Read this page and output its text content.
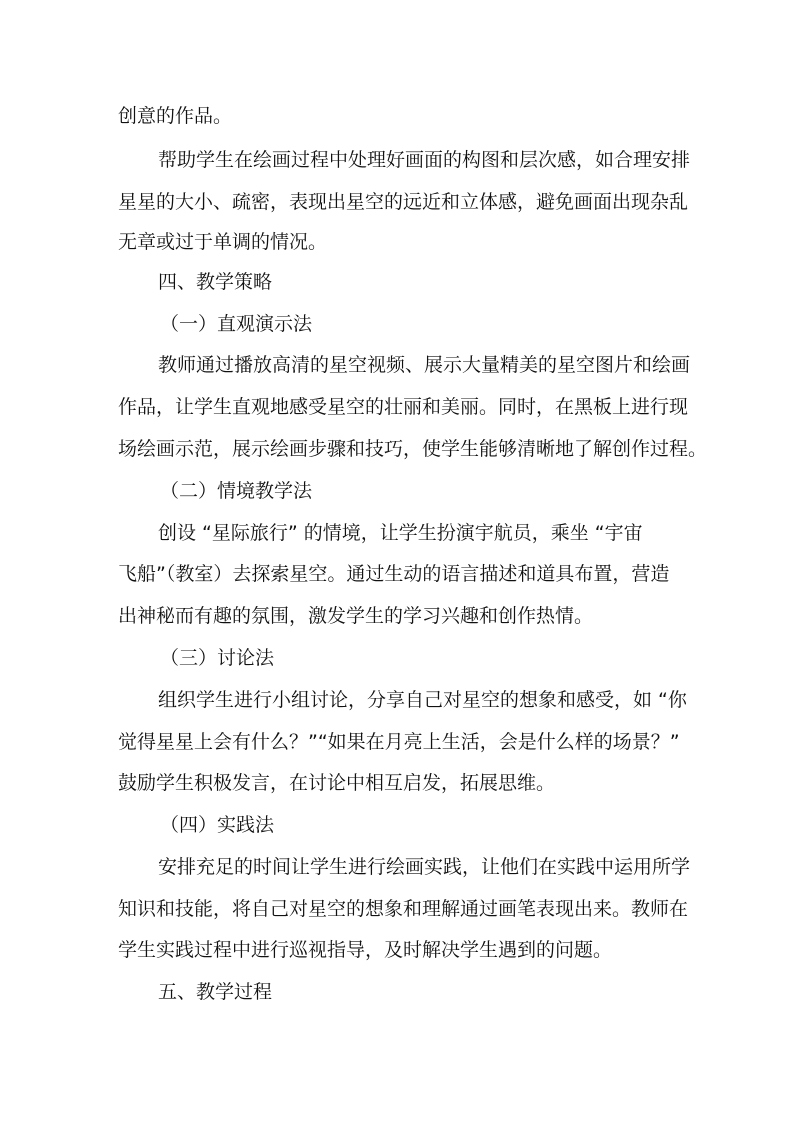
创意的作品。

帮助学生在绘画过程中处理好画面的构图和层次感，如合理安排

星星的大小、疏密，表现出星空的远近和立体感，避免画面出现杂乱

无章或过于单调的情况。

四、教学策略

（一）直观演示法

教师通过播放高清的星空视频、展示大量精美的星空图片和绘画

作品，让学生直观地感受星空的壮丽和美丽。同时，在黑板上进行现

场绘画示范，展示绘画步骤和技巧，使学生能够清晰地了解创作过程。

（二）情境教学法

创设 “星际旅行” 的情境，让学生扮演宇航员，乘坐 “宇宙

飞船”（教室）去探索星空。通过生动的语言描述和道具布置，营造

出神秘而有趣的氛围，激发学生的学习兴趣和创作热情。

（三）讨论法

组织学生进行小组讨论，分享自己对星空的想象和感受，如 “你

觉得星星上会有什么？”“如果在月亮上生活，会是什么样的场景？”

鼓励学生积极发言，在讨论中相互启发，拓展思维。

（四）实践法

安排充足的时间让学生进行绘画实践，让他们在实践中运用所学

知识和技能，将自己对星空的想象和理解通过画笔表现出来。教师在

学生实践过程中进行巡视指导，及时解决学生遇到的问题。

五、教学过程
